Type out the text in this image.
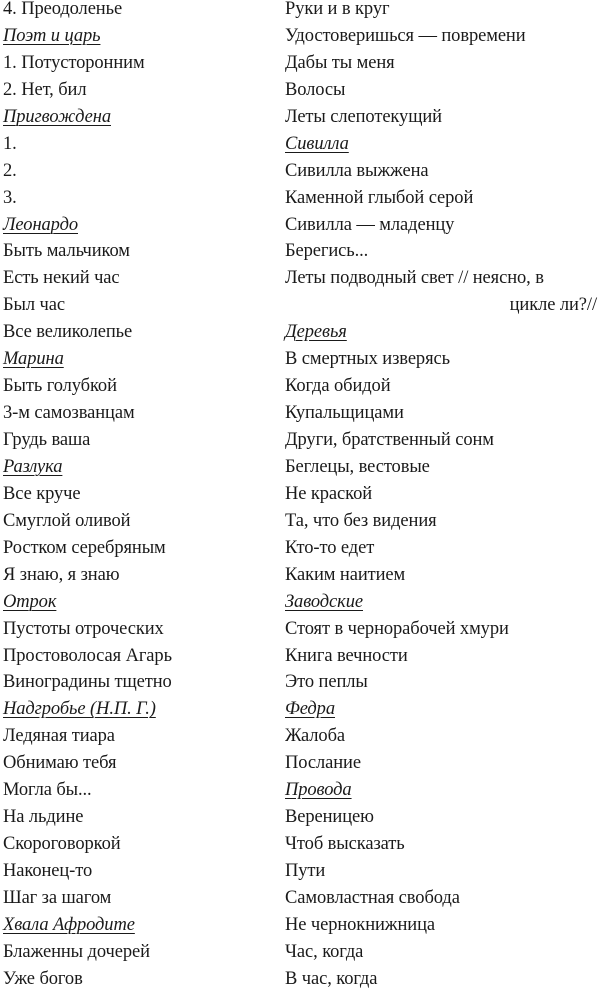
4. Преодоленье
Поэт и царь
1. Потусторонним
2. Нет, бил
Пригвождена
1.
2.
3.
Леонардо
Быть мальчиком
Есть некий час
Был час
Все великолепье
Марина
Быть голубкой
3-м самозванцам
Грудь ваша
Разлука
Все круче
Смуглой оливой
Ростком серебряным
Я знаю, я знаю
Отрок
Пустоты отроческих
Простоволосая Агарь
Виноградины тщетно
Надгробье (Н.П. Г.)
Ледяная тиара
Обнимаю тебя
Могла бы...
На льдине
Скороговоркой
Наконец-то
Шаг за шагом
Хвала Афродите
Блаженны дочерей
Уже богов
Руки и в круг
Удостоверишься — повремени
Дабы ты меня
Волосы
Леты слепотекущий
Сивилла
Сивилла выжжена
Каменной глыбой серой
Сивилла — младенцу
Берегись...
Леты подводный свет // неясно, в
цикле ли?//
Деревья
В смертных изверясь
Когда обидой
Купальщицами
Други, братственный сонм
Беглецы, вестовые
Не краской
Та, что без видения
Кто-то едет
Каким наитием
Заводские
Стоят в чернорабочей хмури
Книга вечности
Это пеплы
Федра
Жалоба
Послание
Провода
Вереницею
Чтоб высказать
Пути
Самовластная свобода
Не чернокнижница
Час, когда
В час, когда
